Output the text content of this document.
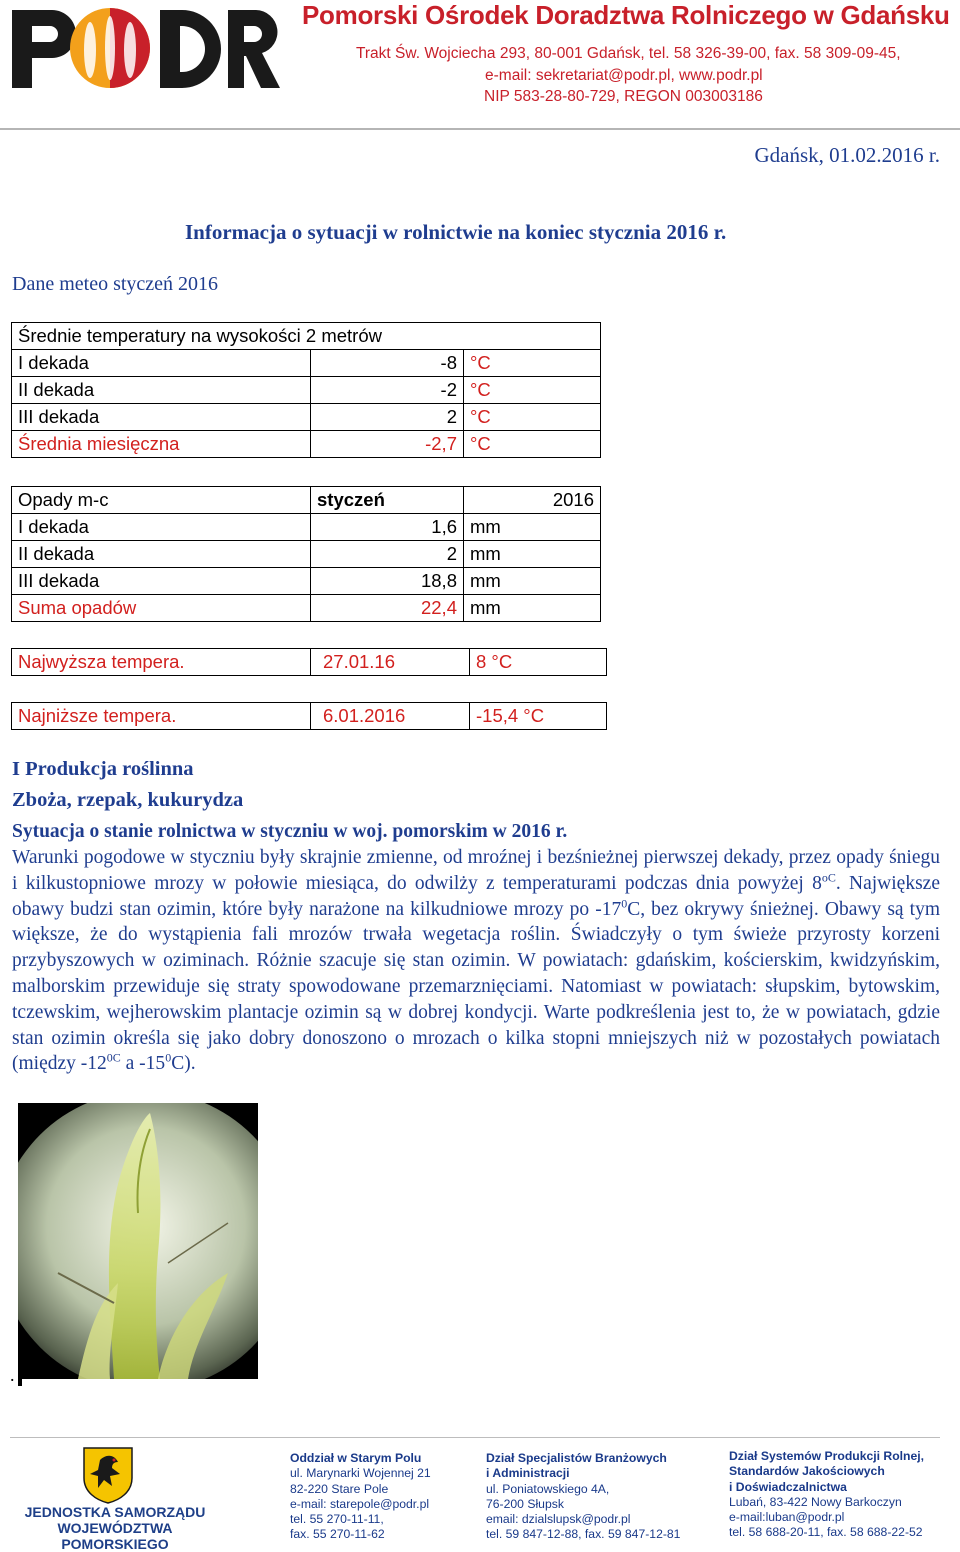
Pomorski Ośrodek Doradztwa Rolniczego w Gdańsku
Trakt Św. Wojciecha 293, 80-001 Gdańsk, tel. 58 326-39-00, fax. 58 309-09-45,
e-mail: sekretariat@podr.pl, www.podr.pl
NIP 583-28-80-729, REGON 003003186
Gdańsk, 01.02.2016 r.
Informacja o sytuacji w rolnictwie na koniec stycznia 2016 r.
Dane meteo styczeń 2016
Średnie temperatury na wysokości 2 metrów		
I dekada	-8	°C
II dekada	-2	°C
III dekada	2	°C
Średnia miesięczna	-2,7	°C
Opady m-c	styczeń	2016
I dekada	1,6	mm
II dekada	2	mm
III dekada	18,8	mm
Suma opadów	22,4	mm
Najwyższa tempera.	27.01.16	8 °C
Najniższe tempera.	6.01.2016	-15,4 °C
I Produkcja roślinna
Zboża, rzepak, kukurydza
Sytuacja o stanie rolnictwa w styczniu w woj. pomorskim w 2016 r.
Warunki pogodowe w styczniu były skrajnie zmienne, od mroźnej i bezśnieżnej pierwszej dekady, przez opady śniegu i kilkustopniowe mrozy w połowie miesiąca, do odwilży z temperaturami podczas dnia powyżej $8^{oC}$. Największe obawy budzi stan ozimin, które były narażone na kilkudniowe mrozy po $-17^0C$, bez okrywy śnieżnej. Obawy są tym większe, że do wystąpienia fali mrozów trwała wegetacja roślin. Świadczyły o tym świeże przyrosty korzeni przybyszowych w oziminach. Różnie szacuje się stan ozimin. W powiatach: gdańskim, kościerskim, kwidzyńskim, malborskim przewiduje się straty spowodowane przemarznięciami. Natomiast w powiatach: słupskim, bytowskim, tczewskim, wejherowskim plantacje ozimin są w dobrej kondycji. Warte podkreślenia jest to, że w powiatach, gdzie stan ozimin określa się jako dobry donoszono o mrozach o kilka stopni mniejszych niż w pozostałych powiatach (między $-12^{0C}$ a $-15^0C$).
.
JEDNOSTKA SAMORZĄDU
WOJEWÓDZTWA POMORSKIEGO
Oddział w Starym Polu
ul. Marynarki Wojennej 21
82-220 Stare Pole
e-mail: starepole@podr.pl
tel. 55 270-11-11,
fax. 55 270-11-62
Dział Specjalistów Branżowych
i Administracji
ul. Poniatowskiego 4A,
76-200 Słupsk
email: dzialslupsk@podr.pl
tel. 59 847-12-88, fax. 59 847-12-81
Dział Systemów Produkcji Rolnej,
Standardów Jakościowych
i Doświadczalnictwa
Lubań, 83-422 Nowy Barkoczyn
e-mail:luban@podr.pl
tel. 58 688-20-11, fax. 58 688-22-52
